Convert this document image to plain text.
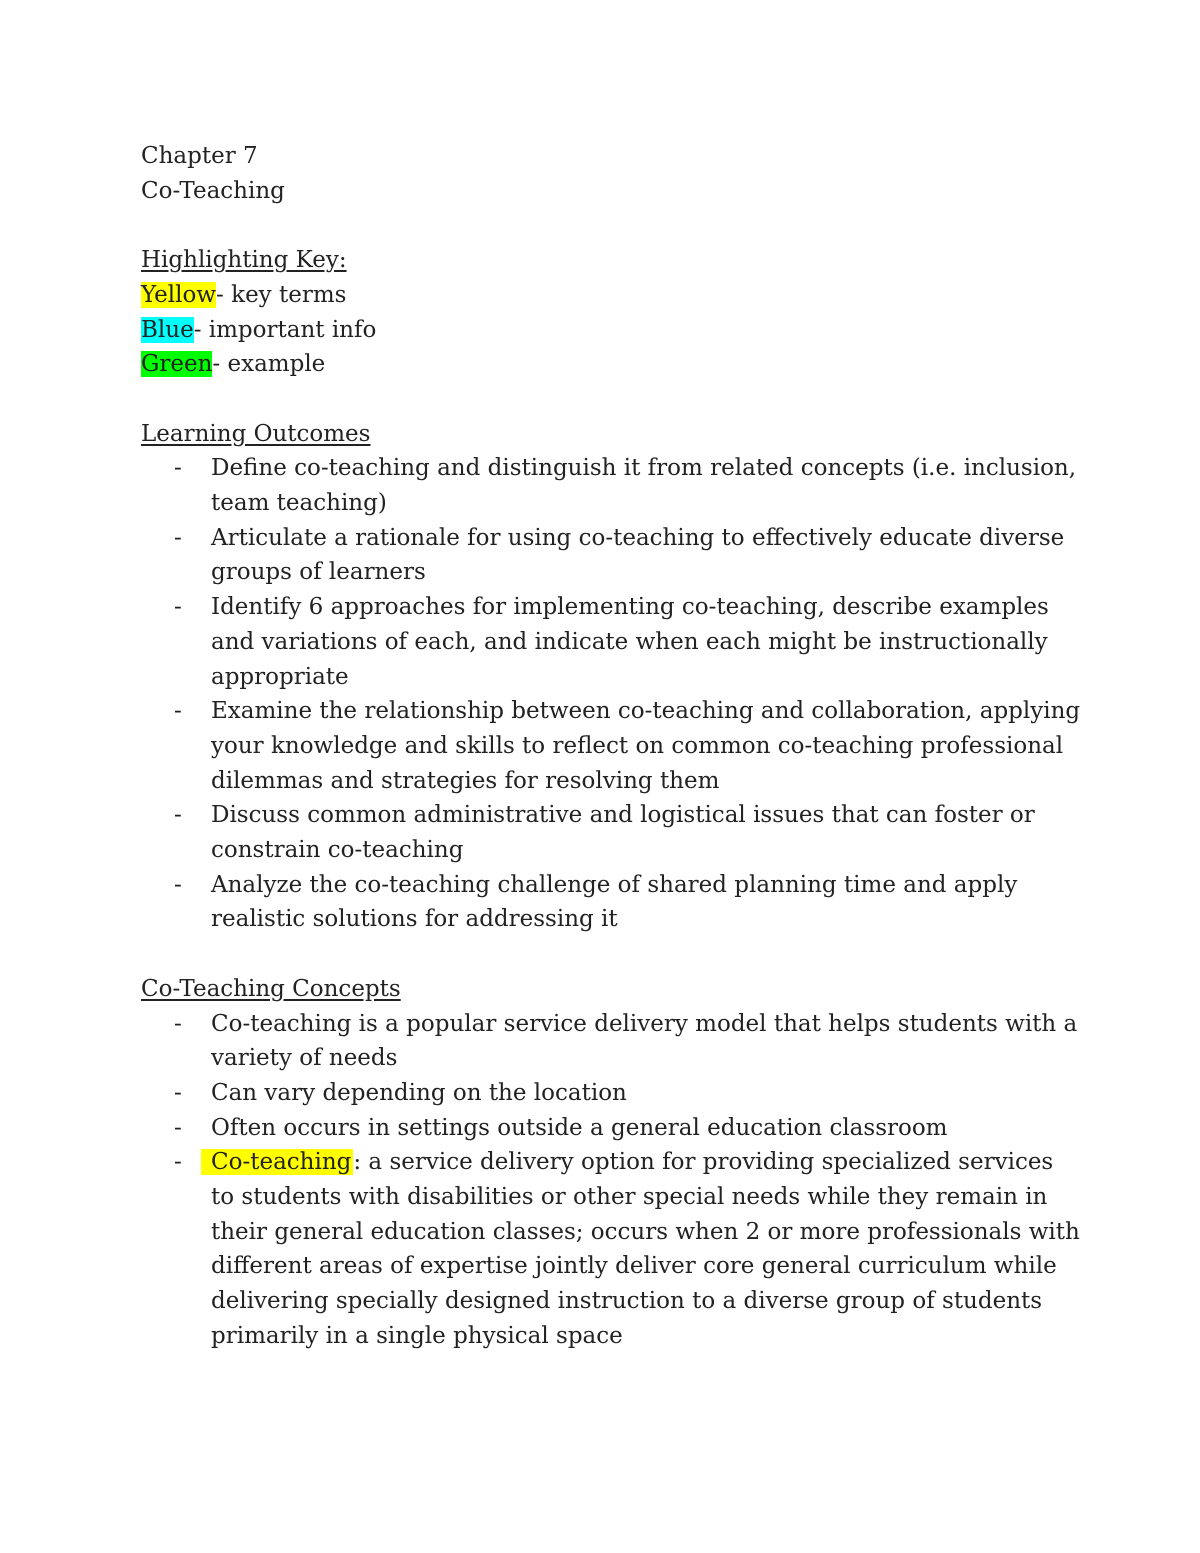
Chapter 7

Co-Teaching

Highlighting Key:

Yellow- key terms

Blue- important info

Green- example

Learning Outcomes

- Define co-teaching and distinguish it from related concepts (i.e. inclusion, team teaching)
- Articulate a rationale for using co-teaching to effectively educate diverse groups of learners
- Identify 6 approaches for implementing co-teaching, describe examples and variations of each, and indicate when each might be instructionally appropriate
- Examine the relationship between co-teaching and collaboration, applying your knowledge and skills to reflect on common co-teaching professional dilemmas and strategies for resolving them
- Discuss common administrative and logistical issues that can foster or constrain co-teaching
- Analyze the co-teaching challenge of shared planning time and apply realistic solutions for addressing it

Co-Teaching Concepts

- Co-teaching is a popular service delivery model that helps students with a variety of needs
- Can vary depending on the location
- Often occurs in settings outside a general education classroom
- Co-teaching: a service delivery option for providing specialized services to students with disabilities or other special needs while they remain in their general education classes; occurs when 2 or more professionals with different areas of expertise jointly deliver core general curriculum while delivering specially designed instruction to a diverse group of students primarily in a single physical space
